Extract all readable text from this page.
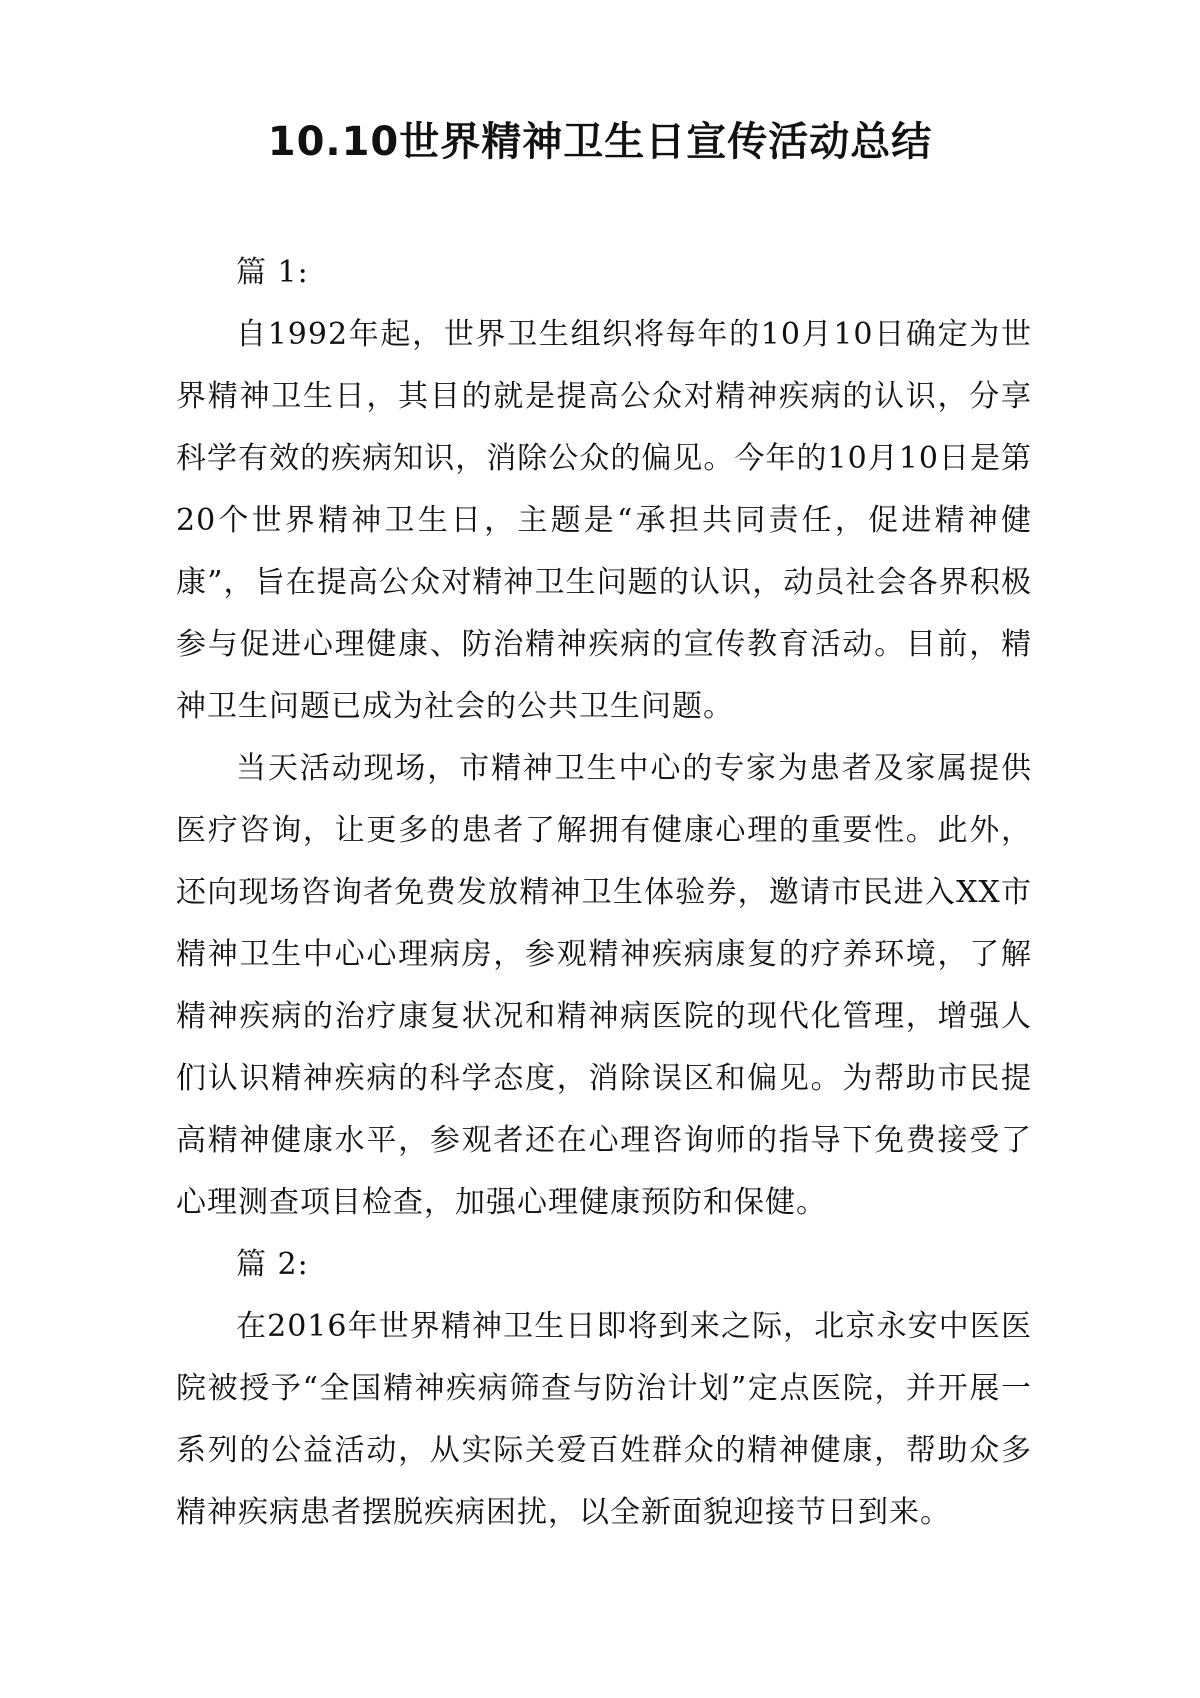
10.10世界精神卫生日宣传活动总结

篇 1:

自1992年起，世界卫生组织将每年的10月10日确定为世界精神卫生日，其目的就是提高公众对精神疾病的认识，分享科学有效的疾病知识，消除公众的偏见。今年的10月10日是第20个世界精神卫生日，主题是“承担共同责任，促进精神健康”，旨在提高公众对精神卫生问题的认识，动员社会各界积极参与促进心理健康、防治精神疾病的宣传教育活动。目前，精神卫生问题已成为社会的公共卫生问题。

当天活动现场，市精神卫生中心的专家为患者及家属提供医疗咨询，让更多的患者了解拥有健康心理的重要性。此外，还向现场咨询者免费发放精神卫生体验券，邀请市民进入XX市精神卫生中心心理病房，参观精神疾病康复的疗养环境，了解精神疾病的治疗康复状况和精神病医院的现代化管理，增强人们认识精神疾病的科学态度，消除误区和偏见。为帮助市民提高精神健康水平，参观者还在心理咨询师的指导下免费接受了心理测查项目检查，加强心理健康预防和保健。

篇 2:

在2016年世界精神卫生日即将到来之际，北京永安中医医院被授予“全国精神疾病筛查与防治计划”定点医院，并开展一系列的公益活动，从实际关爱百姓群众的精神健康，帮助众多精神疾病患者摆脱疾病困扰，以全新面貌迎接节日到来。
